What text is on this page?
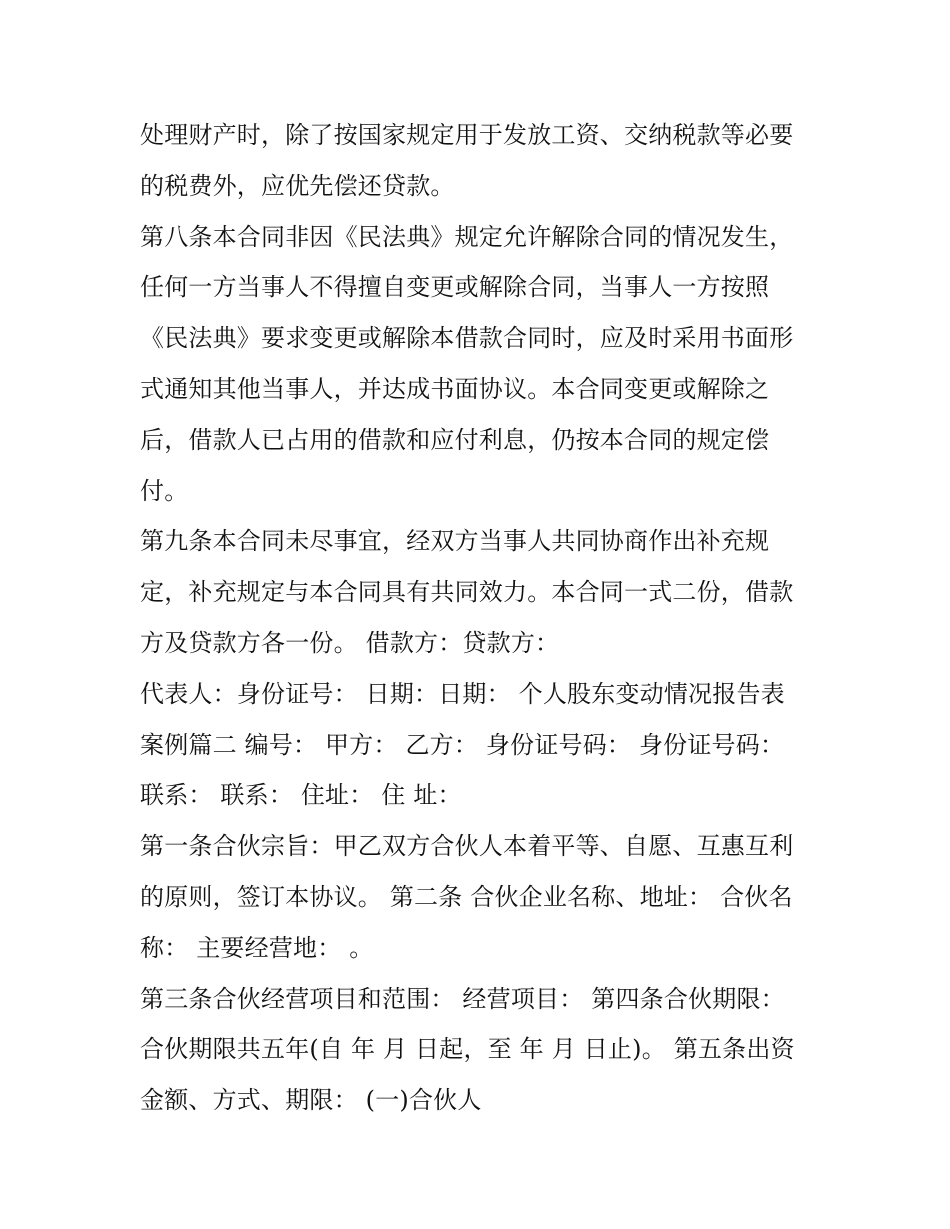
处理财产时，除了按国家规定用于发放工资、交纳税款等必要
的税费外，应优先偿还贷款。
第八条本合同非因《民法典》规定允许解除合同的情况发生，
任何一方当事人不得擅自变更或解除合同，当事人一方按照
《民法典》要求变更或解除本借款合同时，应及时采用书面形
式通知其他当事人，并达成书面协议。本合同变更或解除之
后，借款人已占用的借款和应付利息，仍按本合同的规定偿
付。
第九条本合同未尽事宜，经双方当事人共同协商作出补充规
定，补充规定与本合同具有共同效力。本合同一式二份，借款
方及贷款方各一份。 借款方：贷款方：
代表人：身份证号： 日期：日期： 个人股东变动情况报告表
案例篇二 编号： 甲方： 乙方： 身份证号码： 身份证号码：
联系： 联系： 住址： 住 址：
第一条合伙宗旨：甲乙双方合伙人本着平等、自愿、互惠互利
的原则，签订本协议。 第二条 合伙企业名称、地址： 合伙名
称： 主要经营地： 。
第三条合伙经营项目和范围： 经营项目： 第四条合伙期限：
合伙期限共五年(自 年 月 日起，至 年 月 日止)。 第五条出资
金额、方式、期限： (一)合伙人
